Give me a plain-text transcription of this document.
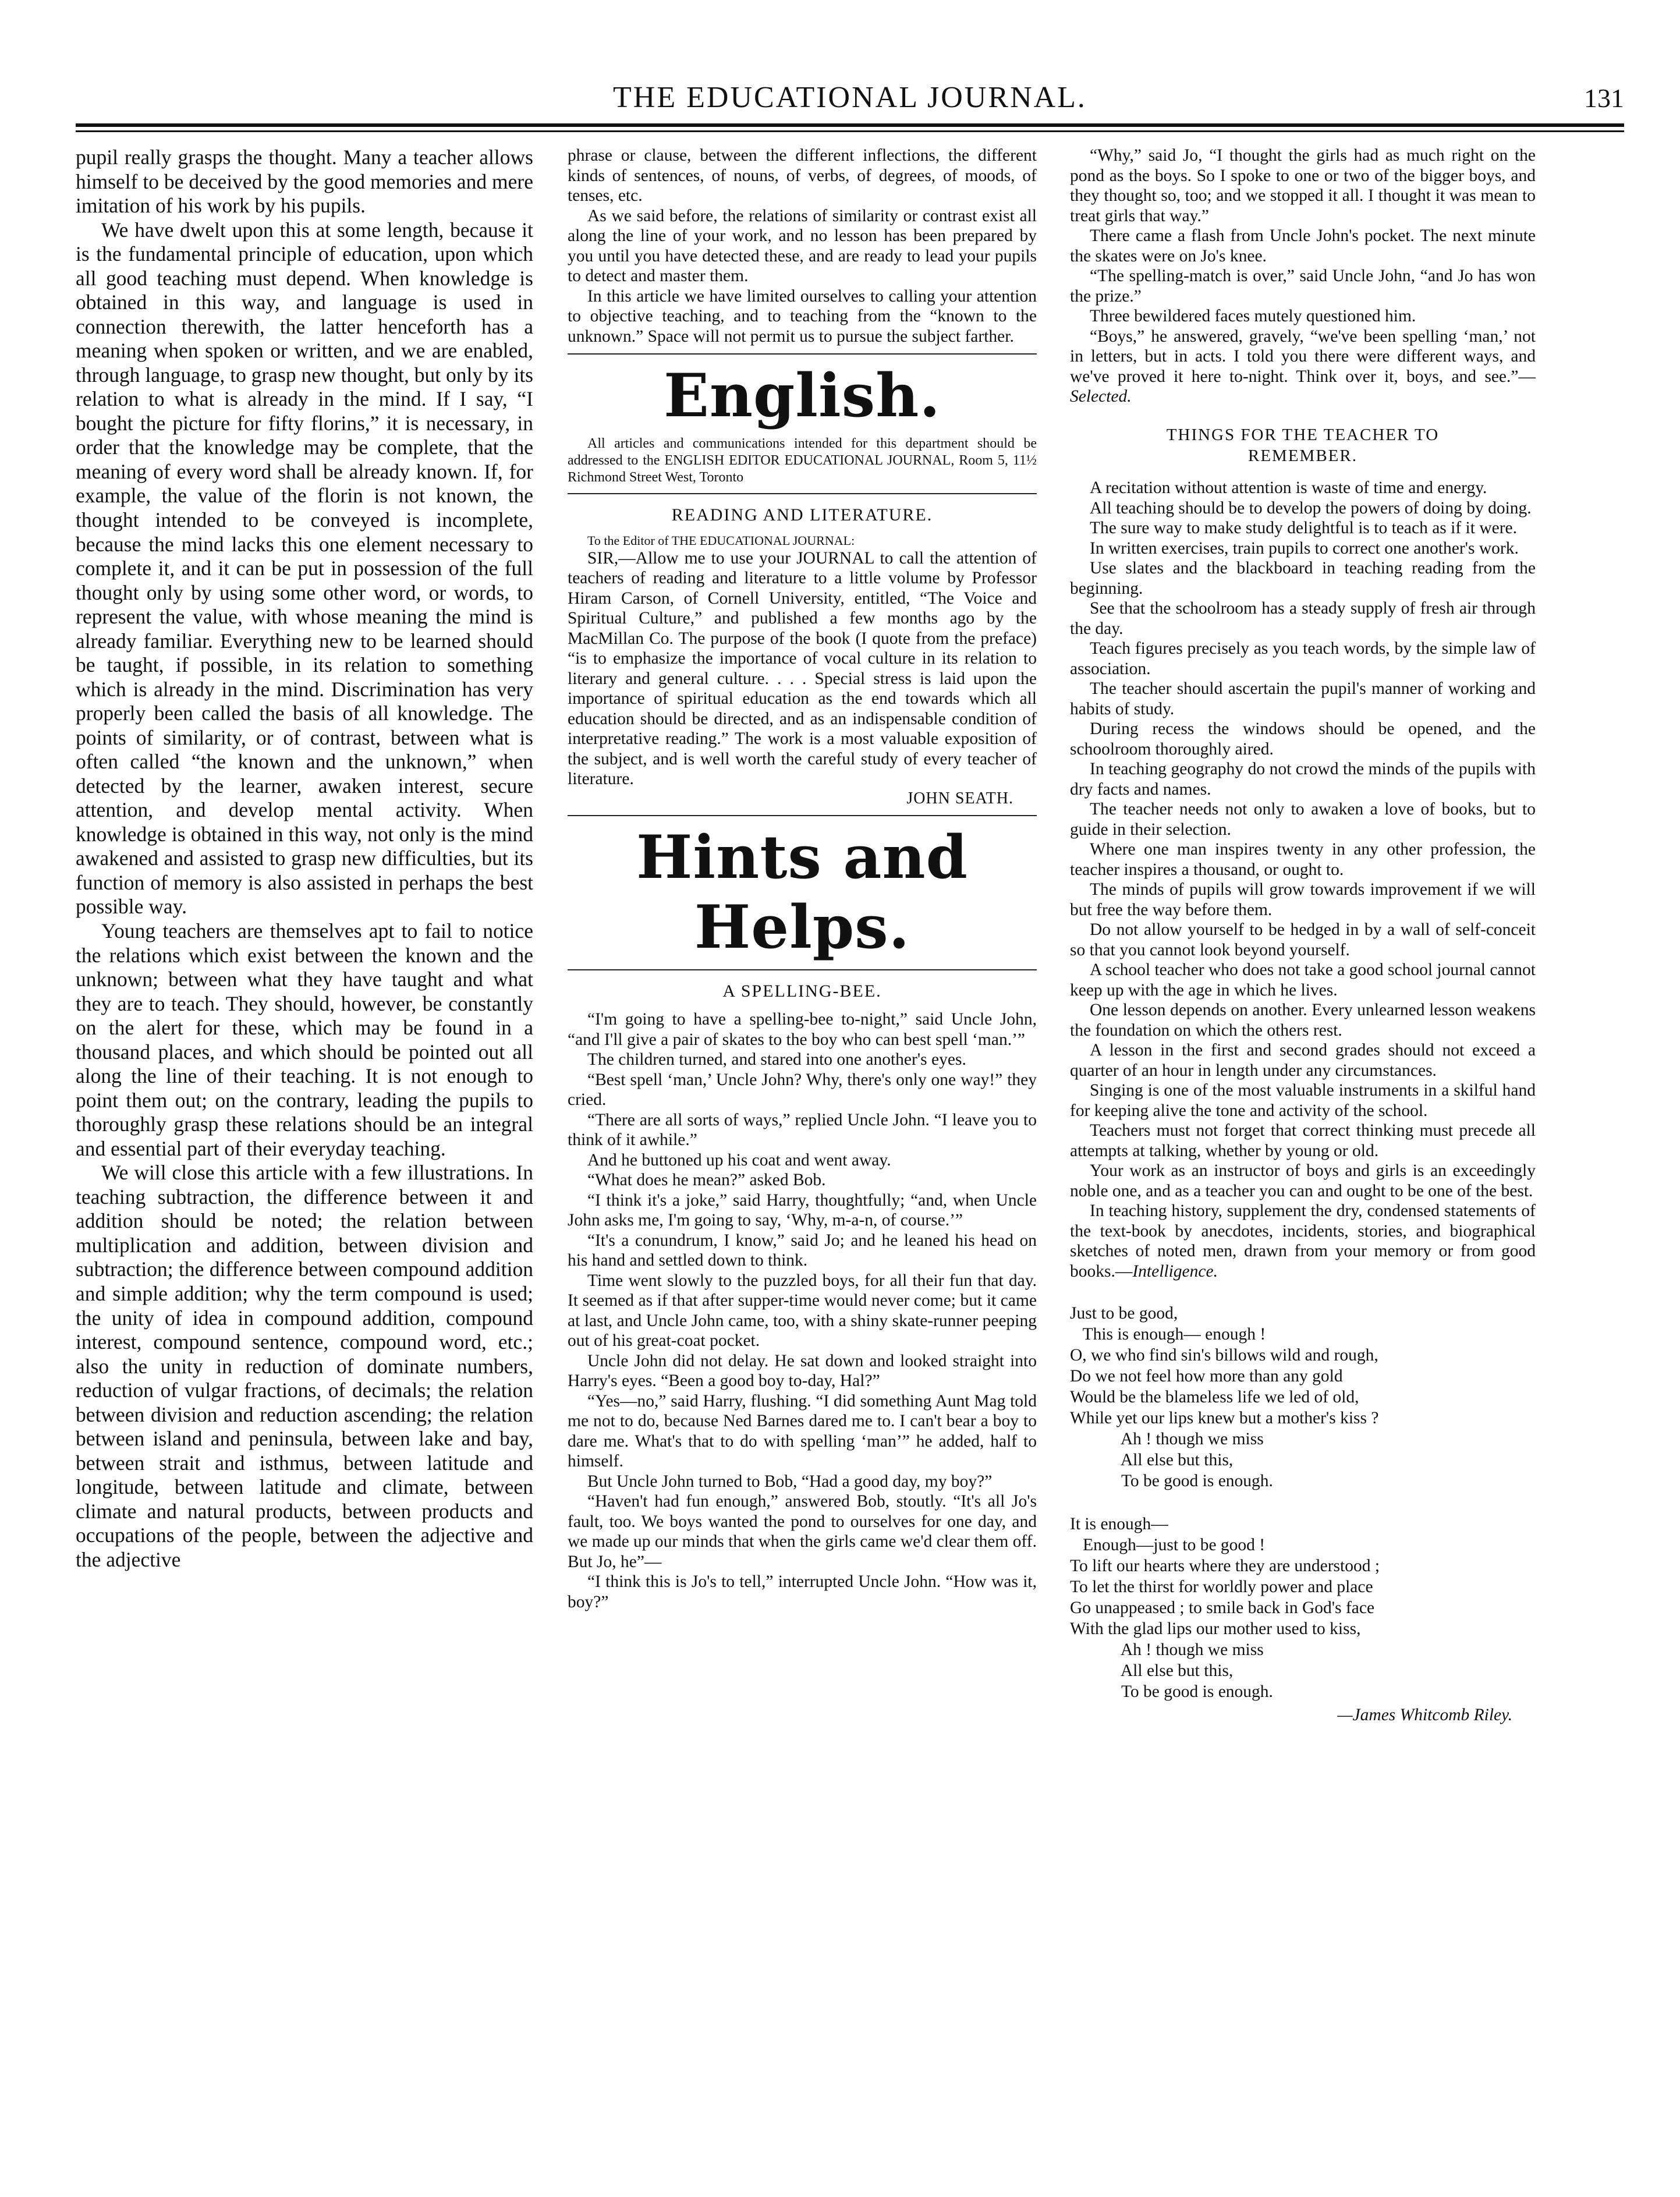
THE EDUCATIONAL JOURNAL.	131

pupil really grasps the thought. Many a teacher allows himself to be deceived by the good memories and mere imitation of his work by his pupils.

We have dwelt upon this at some length, because it is the fundamental principle of education, upon which all good teaching must depend. When knowledge is obtained in this way, and language is used in connection therewith, the latter henceforth has a meaning when spoken or written, and we are enabled, through language, to grasp new thought, but only by its relation to what is already in the mind. If I say, “I bought the picture for fifty florins,” it is necessary, in order that the knowledge may be complete, that the meaning of every word shall be already known. If, for example, the value of the florin is not known, the thought intended to be conveyed is incomplete, because the mind lacks this one element necessary to complete it, and it can be put in possession of the full thought only by using some other word, or words, to represent the value, with whose meaning the mind is already familiar. Everything new to be learned should be taught, if possible, in its relation to something which is already in the mind. Discrimination has very properly been called the basis of all knowledge. The points of similarity, or of contrast, between what is often called “the known and the unknown,” when detected by the learner, awaken interest, secure attention, and develop mental activity. When knowledge is obtained in this way, not only is the mind awakened and assisted to grasp new difficulties, but its function of memory is also assisted in perhaps the best possible way.

Young teachers are themselves apt to fail to notice the relations which exist between the known and the unknown; between what they have taught and what they are to teach. They should, however, be constantly on the alert for these, which may be found in a thousand places, and which should be pointed out all along the line of their teaching. It is not enough to point them out; on the contrary, leading the pupils to thoroughly grasp these relations should be an integral and essential part of their everyday teaching.

We will close this article with a few illustrations. In teaching subtraction, the difference between it and addition should be noted; the relation between multiplication and addition, between division and subtraction; the difference between compound addition and simple addition; why the term compound is used; the unity of idea in compound addition, compound interest, compound sentence, compound word, etc.; also the unity in reduction of dominate numbers, reduction of vulgar fractions, of decimals; the relation between division and reduction ascending; the relation between island and peninsula, between lake and bay, between strait and isthmus, between latitude and longitude, between latitude and climate, between climate and natural products, between products and occupations of the people, between the adjective and the adjective

phrase or clause, between the different inflections, the different kinds of sentences, of nouns, of verbs, of degrees, of moods, of tenses, etc.

As we said before, the relations of similarity or contrast exist all along the line of your work, and no lesson has been prepared by you until you have detected these, and are ready to lead your pupils to detect and master them.

In this article we have limited ourselves to calling your attention to objective teaching, and to teaching from the “known to the unknown.” Space will not permit us to pursue the subject farther.

English.

All articles and communications intended for this department should be addressed to the ENGLISH EDITOR EDUCATIONAL JOURNAL, Room 5, 11½ Richmond Street West, Toronto

READING AND LITERATURE.

To the Editor of THE EDUCATIONAL JOURNAL:

SIR,—Allow me to use your JOURNAL to call the attention of teachers of reading and literature to a little volume by Professor Hiram Carson, of Cornell University, entitled, “The Voice and Spiritual Culture,” and published a few months ago by the MacMillan Co. The purpose of the book (I quote from the preface) “is to emphasize the importance of vocal culture in its relation to literary and general culture. . . . Special stress is laid upon the importance of spiritual education as the end towards which all education should be directed, and as an indispensable condition of interpretative reading.” The work is a most valuable exposition of the subject, and is well worth the careful study of every teacher of literature.

JOHN SEATH.
Hints and Helps.
A SPELLING-BEE.

“I'm going to have a spelling-bee to-night,” said Uncle John, “and I'll give a pair of skates to the boy who can best spell ‘man.’”

The children turned, and stared into one another's eyes.

“Best spell ‘man,’ Uncle John? Why, there's only one way!” they cried.

“There are all sorts of ways,” replied Uncle John. “I leave you to think of it awhile.”

And he buttoned up his coat and went away.

“What does he mean?” asked Bob.

“I think it's a joke,” said Harry, thoughtfully; “and, when Uncle John asks me, I'm going to say, ‘Why, m-a-n, of course.’”

“It's a conundrum, I know,” said Jo; and he leaned his head on his hand and settled down to think.

Time went slowly to the puzzled boys, for all their fun that day. It seemed as if that after supper-time would never come; but it came at last, and Uncle John came, too, with a shiny skate-runner peeping out of his great-coat pocket.

Uncle John did not delay. He sat down and looked straight into Harry's eyes. “Been a good boy to-day, Hal?”

“Yes—no,” said Harry, flushing. “I did something Aunt Mag told me not to do, because Ned Barnes dared me to. I can't bear a boy to dare me. What's that to do with spelling ‘man’” he added, half to himself.

But Uncle John turned to Bob, “Had a good day, my boy?”

“Haven't had fun enough,” answered Bob, stoutly. “It's all Jo's fault, too. We boys wanted the pond to ourselves for one day, and we made up our minds that when the girls came we'd clear them off. But Jo, he”—

“I think this is Jo's to tell,” interrupted Uncle John. “How was it, boy?”

“Why,” said Jo, “I thought the girls had as much right on the pond as the boys. So I spoke to one or two of the bigger boys, and they thought so, too; and we stopped it all. I thought it was mean to treat girls that way.”

There came a flash from Uncle John's pocket. The next minute the skates were on Jo's knee.

“The spelling-match is over,” said Uncle John, “and Jo has won the prize.”

Three bewildered faces mutely questioned him.

“Boys,” he answered, gravely, “we've been spelling ‘man,’ not in letters, but in acts. I told you there were different ways, and we've proved it here to-night. Think over it, boys, and see.”— Selected.

THINGS FOR THE TEACHER TO
REMEMBER.

A recitation without attention is waste of time and energy.

All teaching should be to develop the powers of doing by doing.

The sure way to make study delightful is to teach as if it were.

In written exercises, train pupils to correct one another's work.

Use slates and the blackboard in teaching reading from the beginning.

See that the schoolroom has a steady supply of fresh air through the day.

Teach figures precisely as you teach words, by the simple law of association.

The teacher should ascertain the pupil's manner of working and habits of study.

During recess the windows should be opened, and the schoolroom thoroughly aired.

In teaching geography do not crowd the minds of the pupils with dry facts and names.

The teacher needs not only to awaken a love of books, but to guide in their selection.

Where one man inspires twenty in any other profession, the teacher inspires a thousand, or ought to.

The minds of pupils will grow towards improvement if we will but free the way before them.

Do not allow yourself to be hedged in by a wall of self-conceit so that you cannot look beyond yourself.

A school teacher who does not take a good school journal cannot keep up with the age in which he lives.

One lesson depends on another. Every unlearned lesson weakens the foundation on which the others rest.

A lesson in the first and second grades should not exceed a quarter of an hour in length under any circumstances.

Singing is one of the most valuable instruments in a skilful hand for keeping alive the tone and activity of the school.

Teachers must not forget that correct thinking must precede all attempts at talking, whether by young or old.

Your work as an instructor of boys and girls is an exceedingly noble one, and as a teacher you can and ought to be one of the best.

In teaching history, supplement the dry, condensed statements of the text-book by anecdotes, incidents, stories, and biographical sketches of noted men, drawn from your memory or from good books.—Intelligence.

Just to be good,
This is enough— enough !
O, we who find sin's billows wild and rough,
Do we not feel how more than any gold
Would be the blameless life we led of old,
While yet our lips knew but a mother's kiss ?
Ah ! though we miss
All else but this,
To be good is enough.
It is enough—
Enough—just to be good !
To lift our hearts where they are understood ;
To let the thirst for worldly power and place
Go unappeased ; to smile back in God's face
With the glad lips our mother used to kiss,
Ah ! though we miss
All else but this,
To be good is enough.
—James Whitcomb Riley.
